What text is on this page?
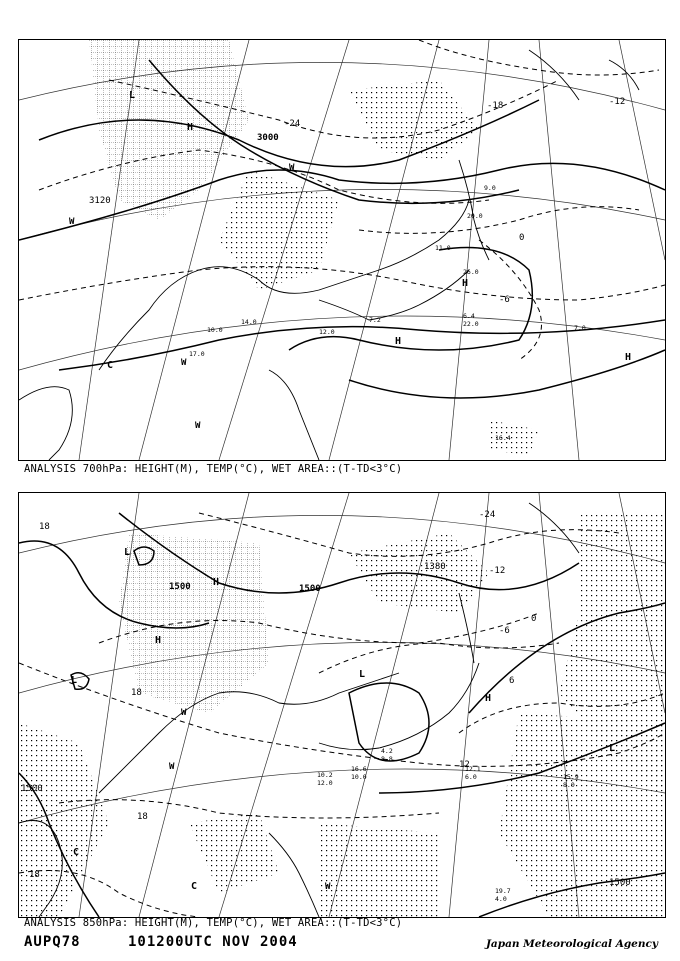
3000
3120
-24
-18	-12
-6
0
H
H
H
H
L
C
W
W
W
W
12.0
10.0
14.0	7.2	22.0
6.4
7.0
17.0
11.0
20.0
9.0
26.0
16.4
ANALYSIS 700hPa: HEIGHT(M), TEMP(°C), WET AREA::(T-TD<3°C)
1500	1500
1500
1380
1500
18
18
18
18
12
6
0
-12
-24
-6
H
H
H
L
L
L
L
C
C
W
W
W
12.1
6.0
8.0
15.9
10.2
12.0
4.2
8.8
16.6
10.0
19.7
4.0
ANALYSIS 850hPa: HEIGHT(M), TEMP(°C), WET AREA::(T-TD<3°C)
AUPQ78	101200UTC NOV 2004	Japan Meteorological Agency
